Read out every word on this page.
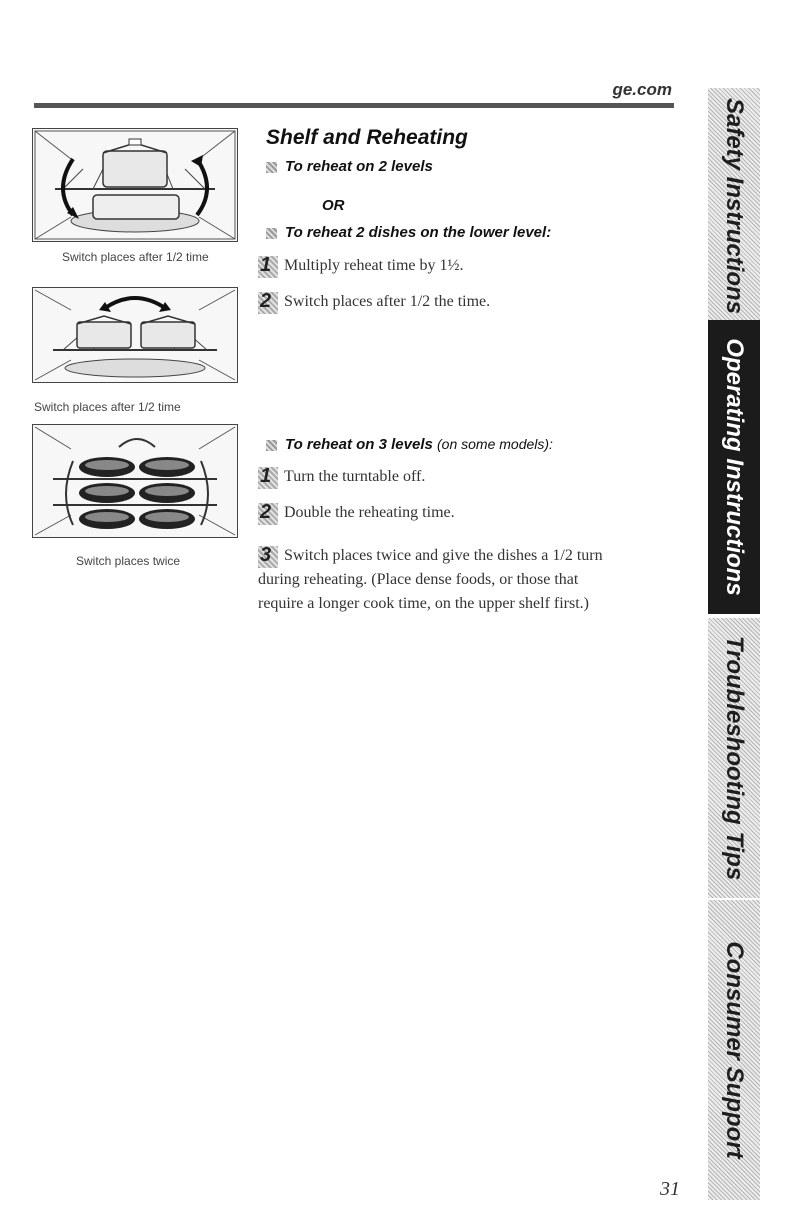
ge.com
Switch places after 1/2 time
Switch places after 1/2 time
Switch places twice
Shelf and Reheating
To reheat on 2 levels
OR
To reheat 2 dishes on the lower level:
1 Multiply reheat time by 1½.
2 Switch places after 1/2 the time.
To reheat on 3 levels (on some models):
1 Turn the turntable off.
2 Double the reheating time.
3 Switch places twice and give the dishes a 1/2 turn during reheating. (Place dense foods, or those that require a longer cook time, on the upper shelf first.)
Safety Instructions
Operating Instructions
Troubleshooting Tips
Consumer Support
31
